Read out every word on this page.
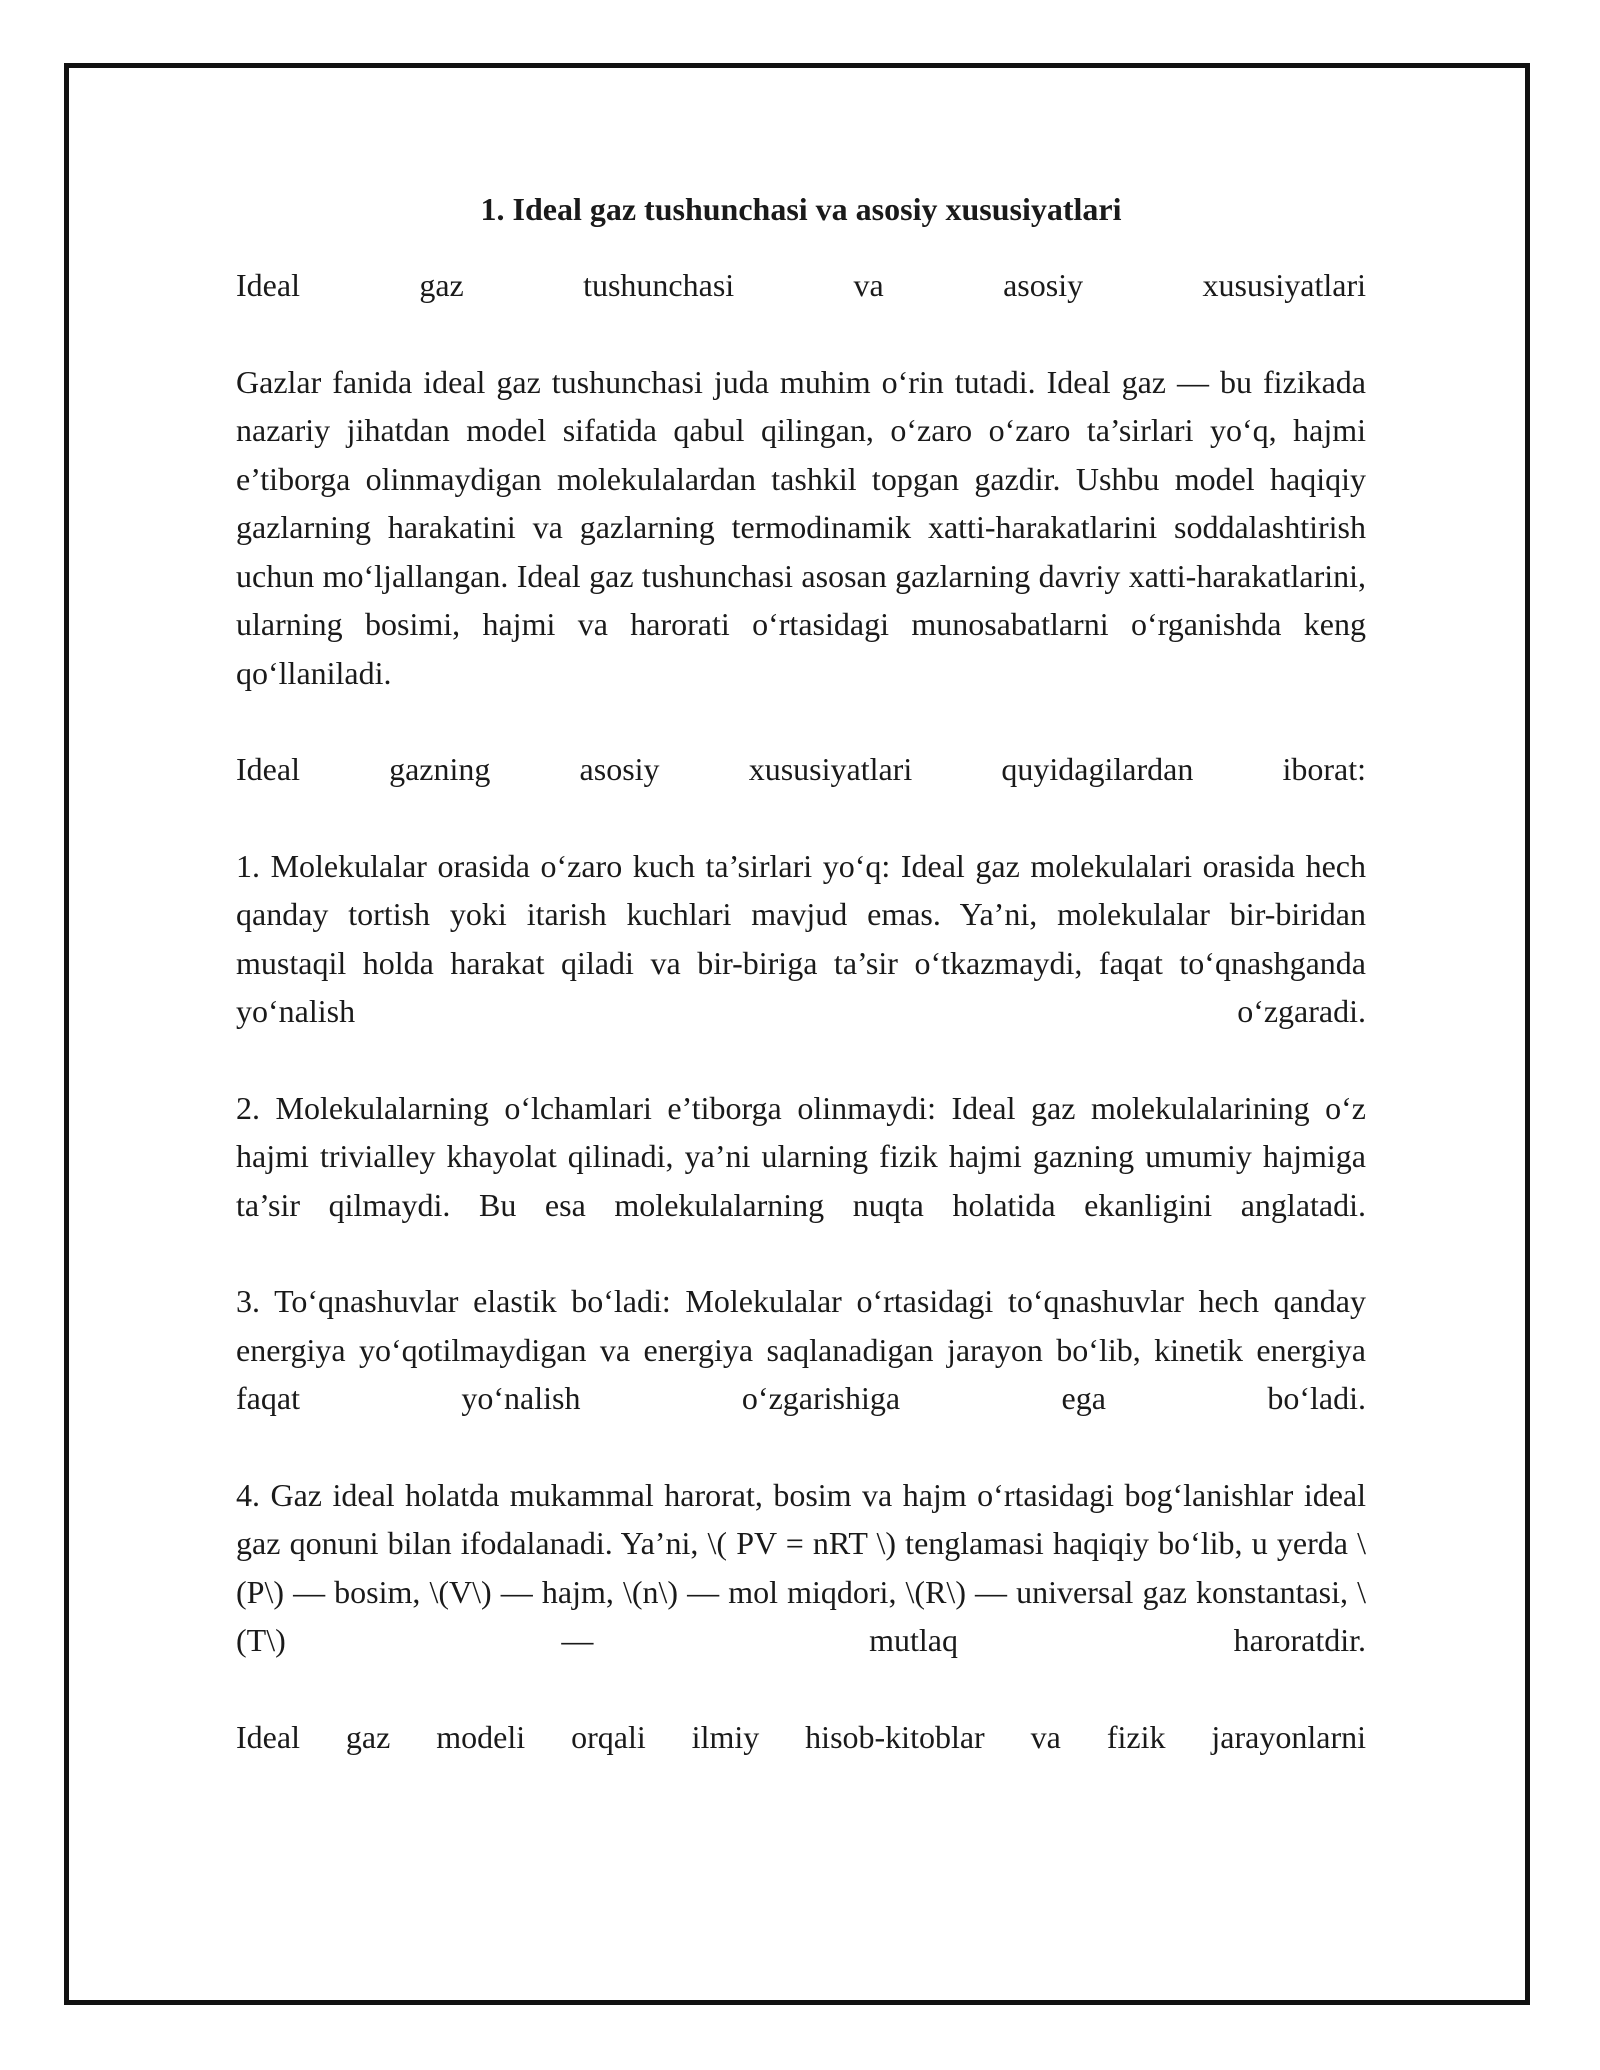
1. Ideal gaz tushunchasi va asosiy xususiyatlari

Ideal gaz tushunchasi va asosiy xususiyatlari

Gazlar fanida ideal gaz tushunchasi juda muhim o‘rin tutadi. Ideal gaz — bu fizikada nazariy jihatdan model sifatida qabul qilingan, o‘zaro o‘zaro ta’sirlari yo‘q, hajmi e’tiborga olinmaydigan molekulalardan tashkil topgan gazdir. Ushbu model haqiqiy gazlarning harakatini va gazlarning termodinamik xatti-harakatlarini soddalashtirish uchun mo‘ljallangan. Ideal gaz tushunchasi asosan gazlarning davriy xatti-harakatlarini, ularning bosimi, hajmi va harorati o‘rtasidagi munosabatlarni o‘rganishda keng qo‘llaniladi.

Ideal gazning asosiy xususiyatlari quyidagilardan iborat:

1. Molekulalar orasida o‘zaro kuch ta’sirlari yo‘q: Ideal gaz molekulalari orasida hech qanday tortish yoki itarish kuchlari mavjud emas. Ya’ni, molekulalar bir-biridan mustaqil holda harakat qiladi va bir-biriga ta’sir o‘tkazmaydi, faqat to‘qnashganda yo‘nalish o‘zgaradi.

2. Molekulalarning o‘lchamlari e’tiborga olinmaydi: Ideal gaz molekulalarining o‘z hajmi trivialley khayolat qilinadi, ya’ni ularning fizik hajmi gazning umumiy hajmiga ta’sir qilmaydi. Bu esa molekulalarning nuqta holatida ekanligini anglatadi.

3. To‘qnashuvlar elastik bo‘ladi: Molekulalar o‘rtasidagi to‘qnashuvlar hech qanday energiya yo‘qotilmaydigan va energiya saqlanadigan jarayon bo‘lib, kinetik energiya faqat yo‘nalish o‘zgarishiga ega bo‘ladi.

4. Gaz ideal holatda mukammal harorat, bosim va hajm o‘rtasidagi bog‘lanishlar ideal gaz qonuni bilan ifodalanadi. Ya’ni, \( PV = nRT \) tenglamasi haqiqiy bo‘lib, u yerda \(P\) — bosim, \(V\) — hajm, \(n\) — mol miqdori, \(R\) — universal gaz konstantasi, \(T\) — mutlaq haroratdir.

Ideal gaz modeli orqali ilmiy hisob-kitoblar va fizik jarayonlarni
